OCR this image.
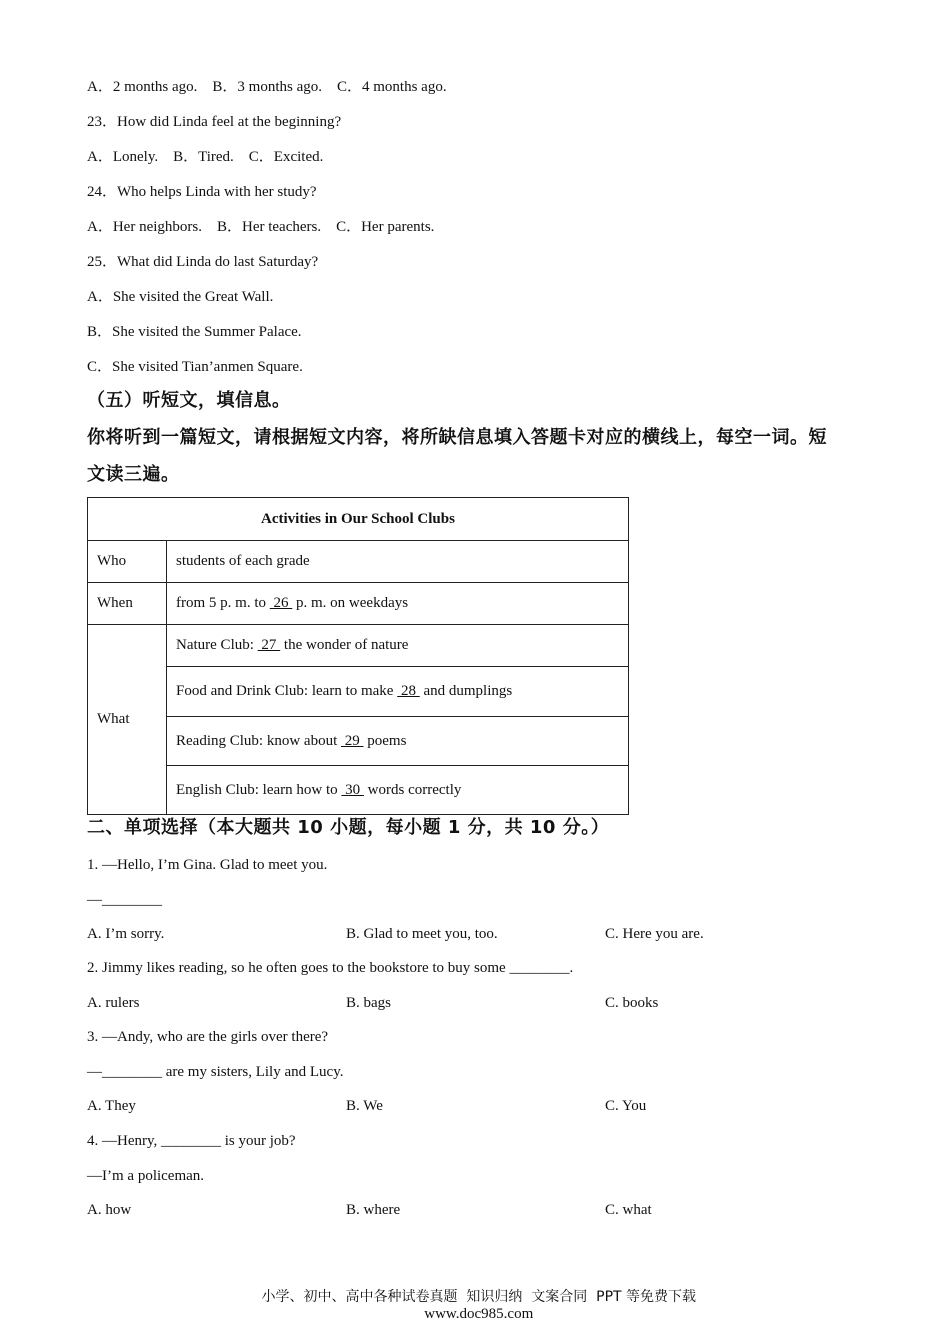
A．2 months ago.    B．3 months ago.    C．4 months ago.
23．How did Linda feel at the beginning?
A．Lonely.    B．Tired.    C．Excited.
24．Who helps Linda with her study?
A．Her neighbors.    B．Her teachers.    C．Her parents.
25．What did Linda do last Saturday?
A．She visited the Great Wall.
B．She visited the Summer Palace.
C．She visited Tian’anmen Square.
（五）听短文，填信息。
你将听到一篇短文，请根据短文内容，将所缺信息填入答题卡对应的横线上，每空一词。短
文读三遍。
Activities in Our School Clubs	
Who	students of each grade
When	from 5 p. m. to  26  p. m. on weekdays
What	Nature Club:  27  the wonder of nature
	Food and Drink Club: learn to make  28  and dumplings
	Reading Club: know about  29  poems
	English Club: learn how to  30  words correctly
二、单项选择（本大题共 10 小题，每小题 1 分，共 10 分。）
1. —Hello, I’m Gina. Glad to meet you.
—________
A. I’m sorry.	B. Glad to meet you, too.	C. Here you are.
2. Jimmy likes reading, so he often goes to the bookstore to buy some ________.
A. rulers	B. bags	C. books
3. —Andy, who are the girls over there?
—________ are my sisters, Lily and Lucy.
A. They	B. We	C. You
4. —Henry, ________ is your job?
—I’m a policeman.
A. how	B. where	C. what

小学、初中、高中各种试卷真题  知识归纳  文案合同  PPT 等免费下载
www.doc985.com
